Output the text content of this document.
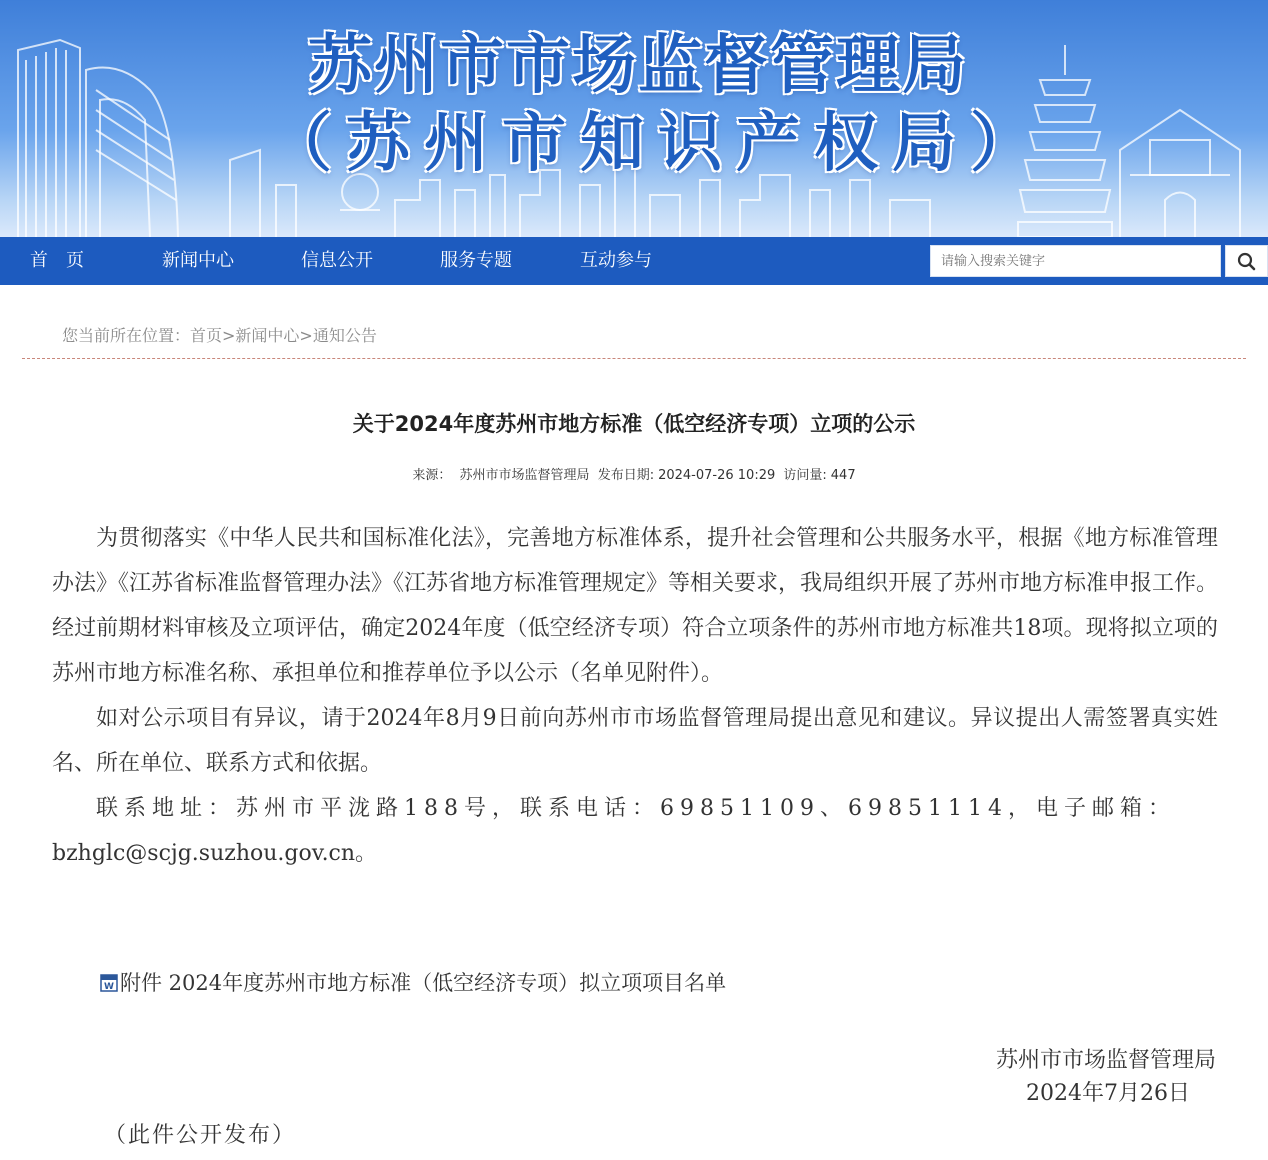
苏州市市场监督管理局
（苏州市知识产权局）
首　页	新闻中心	信息公开	服务专题	互动参与
请输入搜索关键字
您当前所在位置：首页>新闻中心>通知公告
关于2024年度苏州市地方标准（低空经济专项）立项的公示
来源： 苏州市市场监督管理局 发布日期: 2024-07-26 10:29 访问量: 447

为贯彻落实《中华人民共和国标准化法》，完善地方标准体系，提升社会管理和公共服务水平，根据《地方标准管理办法》《江苏省标准监督管理办法》《江苏省地方标准管理规定》等相关要求，我局组织开展了苏州市地方标准申报工作。经过前期材料审核及立项评估，确定2024年度（低空经济专项）符合立项条件的苏州市地方标准共18项。现将拟立项的苏州市地方标准名称、承担单位和推荐单位予以公示（名单见附件）。

如对公示项目有异议，请于2024年8月9日前向苏州市市场监督管理局提出意见和建议。异议提出人需签署真实姓名、所在单位、联系方式和依据。

联系地址：苏州市平泷路188号，联系电话：69851109、69851114，电子邮箱：

bzhglc@scjg.suzhou.gov.cn。

W 附件 2024年度苏州市地方标准（低空经济专项）拟立项项目名单
苏州市市场监督管理局
2024年7月26日
（此件公开发布）
